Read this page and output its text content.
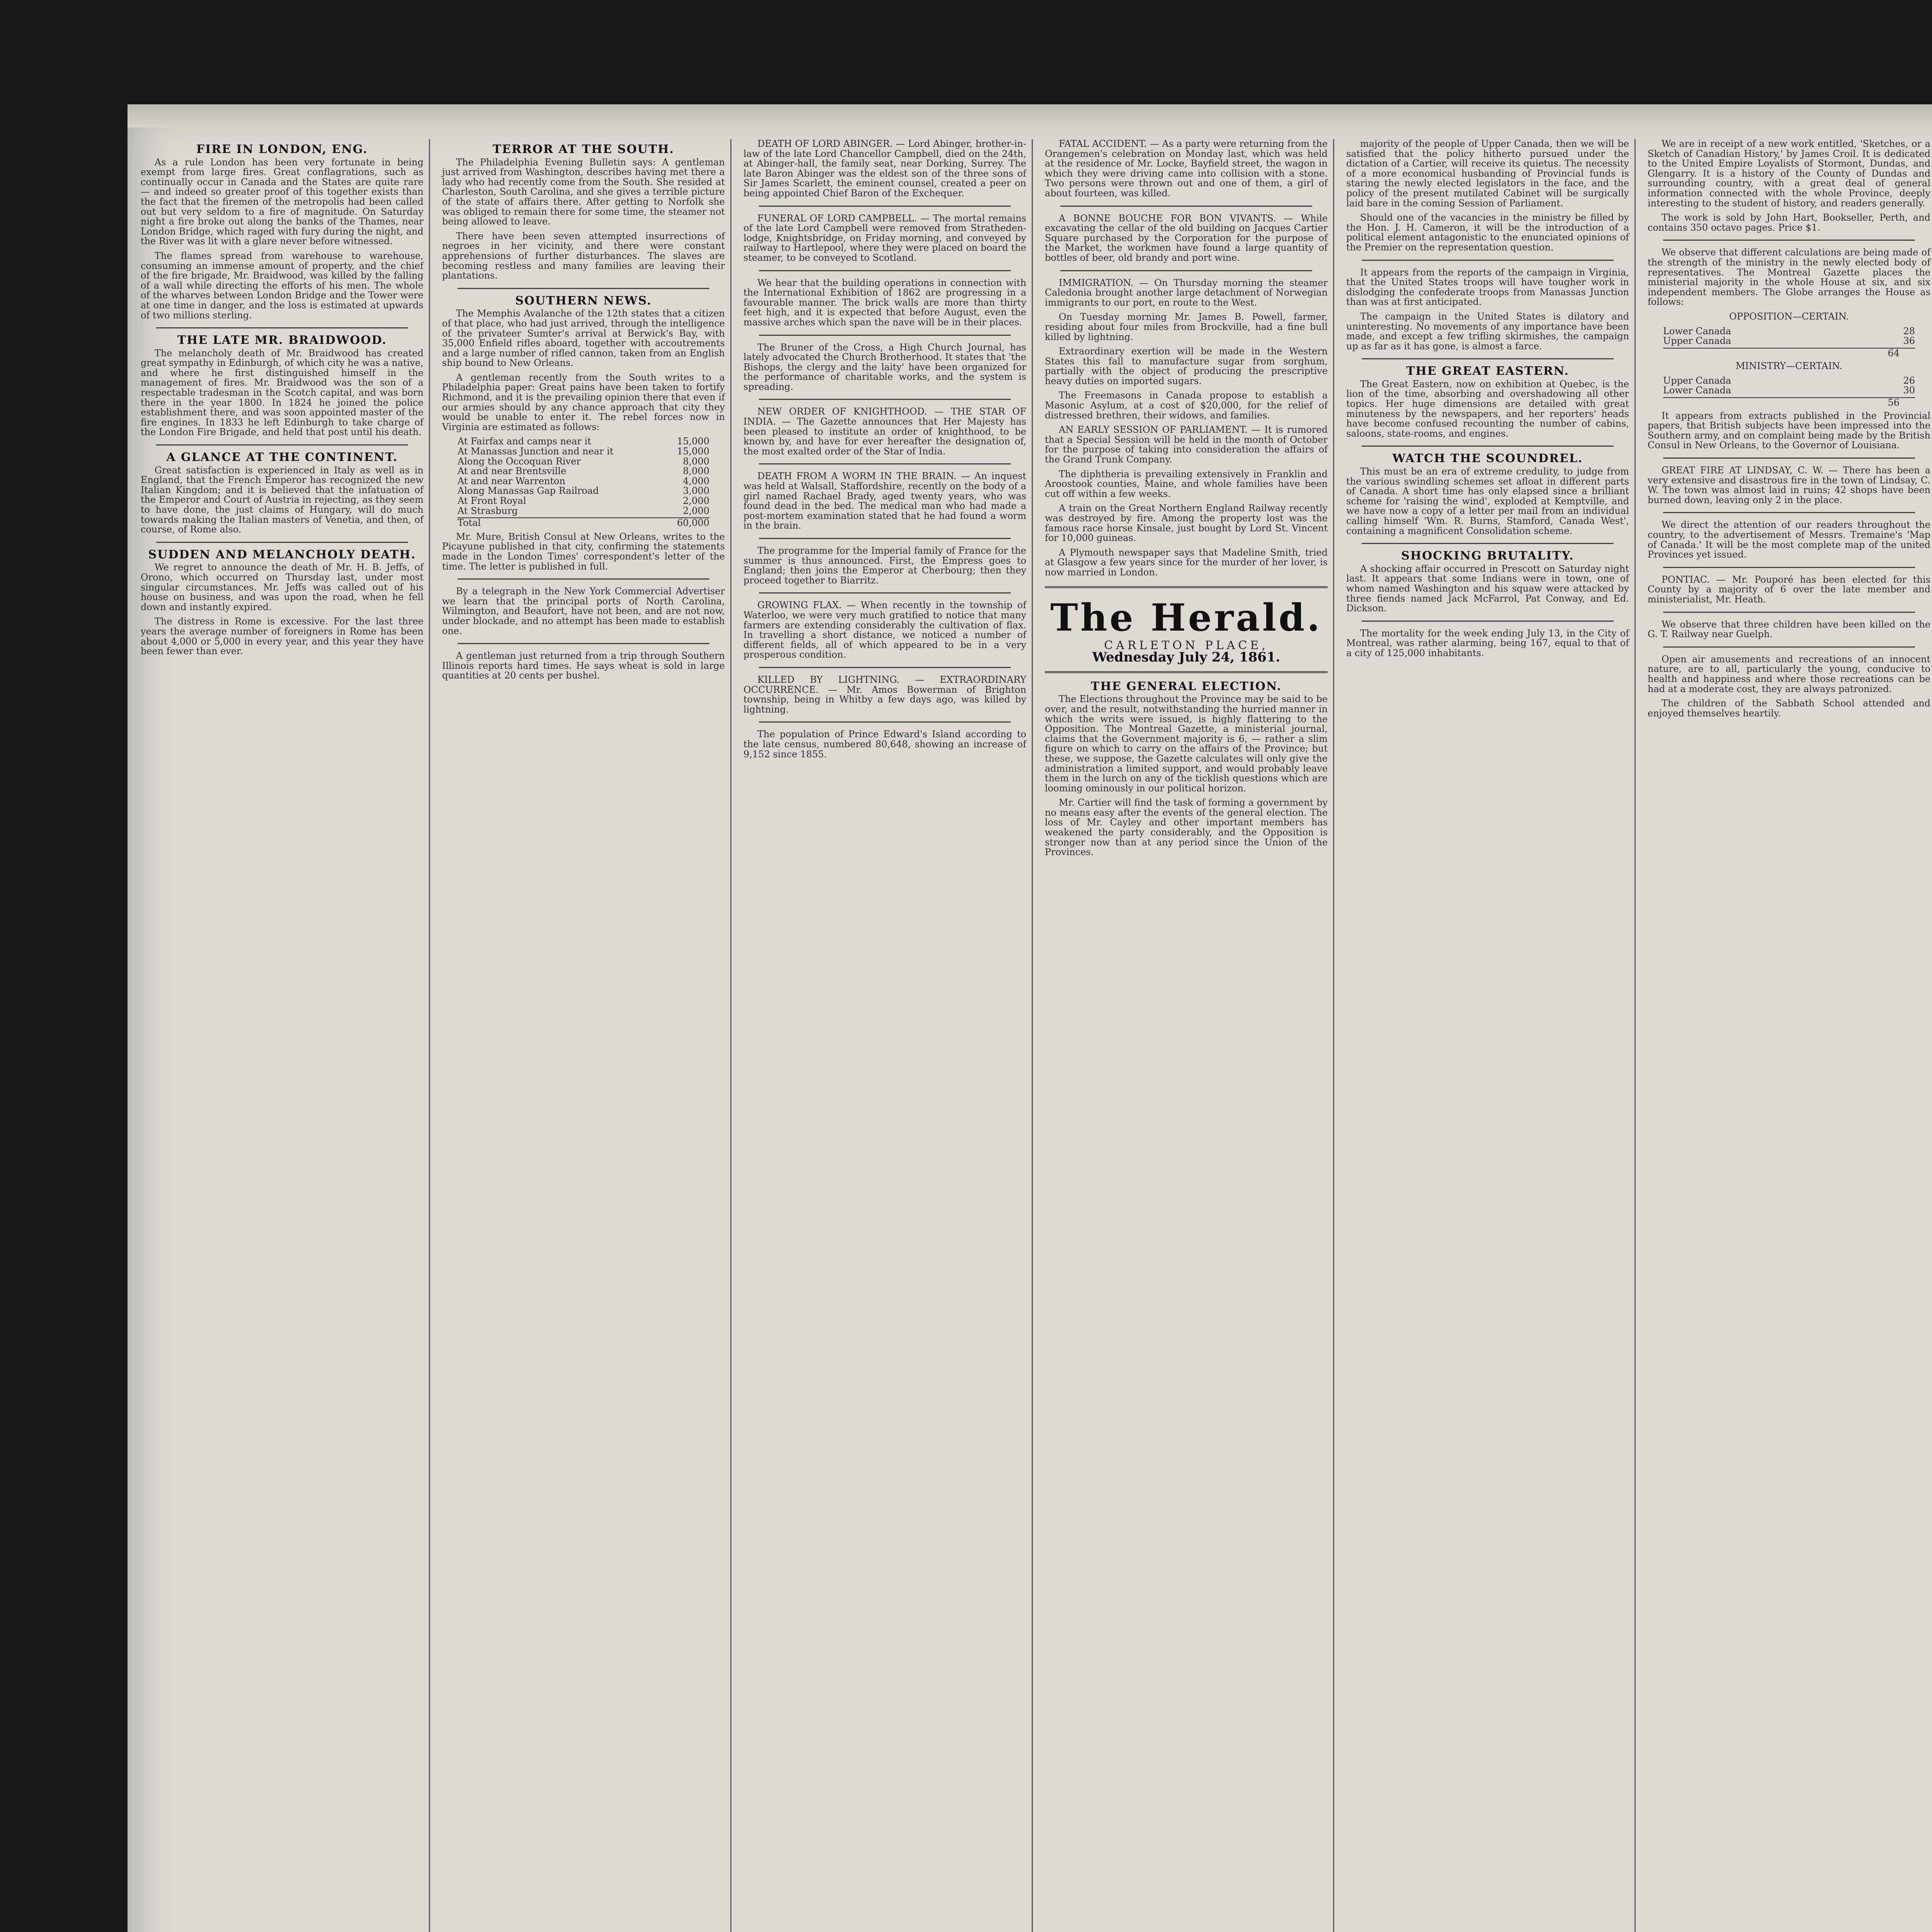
FIRE IN LONDON, ENG.

As a rule London has been very fortunate in being exempt from large fires. Great conflagrations, such as continually occur in Canada and the States are quite rare — and indeed so greater proof of this together exists than the fact that the firemen of the metropolis had been called out but very seldom to a fire of magnitude. On Saturday night a fire broke out along the banks of the Thames, near London Bridge, which raged with fury during the night, and the River was lit with a glare never before witnessed.

The flames spread from warehouse to warehouse, consuming an immense amount of property, and the chief of the fire brigade, Mr. Braidwood, was killed by the falling of a wall while directing the efforts of his men. The whole of the wharves between London Bridge and the Tower were at one time in danger, and the loss is estimated at upwards of two millions sterling.

THE LATE MR. BRAIDWOOD.

The melancholy death of Mr. Braidwood has created great sympathy in Edinburgh, of which city he was a native, and where he first distinguished himself in the management of fires. Mr. Braidwood was the son of a respectable tradesman in the Scotch capital, and was born there in the year 1800. In 1824 he joined the police establishment there, and was soon appointed master of the fire engines. In 1833 he left Edinburgh to take charge of the London Fire Brigade, and held that post until his death.

A GLANCE AT THE CONTINENT.

Great satisfaction is experienced in Italy as well as in England, that the French Emperor has recognized the new Italian Kingdom; and it is believed that the infatuation of the Emperor and Court of Austria in rejecting, as they seem to have done, the just claims of Hungary, will do much towards making the Italian masters of Venetia, and then, of course, of Rome also.

SUDDEN AND MELANCHOLY DEATH.

We regret to announce the death of Mr. H. B. Jeffs, of Orono, which occurred on Thursday last, under most singular circumstances. Mr. Jeffs was called out of his house on business, and was upon the road, when he fell down and instantly expired.

The distress in Rome is excessive. For the last three years the average number of foreigners in Rome has been about 4,000 or 5,000 in every year, and this year they have been fewer than ever.

TERROR AT THE SOUTH.

The Philadelphia Evening Bulletin says: A gentleman just arrived from Washington, describes having met there a lady who had recently come from the South. She resided at Charleston, South Carolina, and she gives a terrible picture of the state of affairs there. After getting to Norfolk she was obliged to remain there for some time, the steamer not being allowed to leave.

There have been seven attempted insurrections of negroes in her vicinity, and there were constant apprehensions of further disturbances. The slaves are becoming restless and many families are leaving their plantations.

SOUTHERN NEWS.

The Memphis Avalanche of the 12th states that a citizen of that place, who had just arrived, through the intelligence of the privateer Sumter's arrival at Berwick's Bay, with 35,000 Enfield rifles aboard, together with accoutrements and a large number of rifled cannon, taken from an English ship bound to New Orleans.

A gentleman recently from the South writes to a Philadelphia paper: Great pains have been taken to fortify Richmond, and it is the prevailing opinion there that even if our armies should by any chance approach that city they would be unable to enter it. The rebel forces now in Virginia are estimated as follows:

At Fairfax and camps near it	15,000
At Manassas Junction and near it	15,000
Along the Occoquan River	8,000
At and near Brentsville	8,000
At and near Warrenton	4,000
Along Manassas Gap Railroad	3,000
At Front Royal	2,000
At Strasburg	2,000
Total	60,000

Mr. Mure, British Consul at New Orleans, writes to the Picayune published in that city, confirming the statements made in the London Times' correspondent's letter of the time. The letter is published in full.

By a telegraph in the New York Commercial Advertiser we learn that the principal ports of North Carolina, Wilmington, and Beaufort, have not been, and are not now, under blockade, and no attempt has been made to establish one.

A gentleman just returned from a trip through Southern Illinois reports hard times. He says wheat is sold in large quantities at 20 cents per bushel.

DEATH OF LORD ABINGER. — Lord Abinger, brother-in-law of the late Lord Chancellor Campbell, died on the 24th, at Abinger-hall, the family seat, near Dorking, Surrey. The late Baron Abinger was the eldest son of the three sons of Sir James Scarlett, the eminent counsel, created a peer on being appointed Chief Baron of the Exchequer.

FUNERAL OF LORD CAMPBELL. — The mortal remains of the late Lord Campbell were removed from Stratheden-lodge, Knightsbridge, on Friday morning, and conveyed by railway to Hartlepool, where they were placed on board the steamer, to be conveyed to Scotland.

We hear that the building operations in connection with the International Exhibition of 1862 are progressing in a favourable manner. The brick walls are more than thirty feet high, and it is expected that before August, even the massive arches which span the nave will be in their places.

The Bruner of the Cross, a High Church Journal, has lately advocated the Church Brotherhood. It states that 'the Bishops, the clergy and the laity' have been organized for the performance of charitable works, and the system is spreading.

NEW ORDER OF KNIGHTHOOD. — THE STAR OF INDIA. — The Gazette announces that Her Majesty has been pleased to institute an order of knighthood, to be known by, and have for ever hereafter the designation of, the most exalted order of the Star of India.

DEATH FROM A WORM IN THE BRAIN. — An inquest was held at Walsall, Staffordshire, recently on the body of a girl named Rachael Brady, aged twenty years, who was found dead in the bed. The medical man who had made a post-mortem examination stated that he had found a worm in the brain.

The programme for the Imperial family of France for the summer is thus announced. First, the Empress goes to England; then joins the Emperor at Cherbourg; then they proceed together to Biarritz.

GROWING FLAX. — When recently in the township of Waterloo, we were very much gratified to notice that many farmers are extending considerably the cultivation of flax. In travelling a short distance, we noticed a number of different fields, all of which appeared to be in a very prosperous condition.

KILLED BY LIGHTNING. — EXTRAORDINARY OCCURRENCE. — Mr. Amos Bowerman of Brighton township, being in Whitby a few days ago, was killed by lightning.

The population of Prince Edward's Island according to the late census, numbered 80,648, showing an increase of 9,152 since 1855.

FATAL ACCIDENT. — As a party were returning from the Orangemen's celebration on Monday last, which was held at the residence of Mr. Locke, Bayfield street, the wagon in which they were driving came into collision with a stone. Two persons were thrown out and one of them, a girl of about fourteen, was killed.

A BONNE BOUCHE FOR BON VIVANTS. — While excavating the cellar of the old building on Jacques Cartier Square purchased by the Corporation for the purpose of the Market, the workmen have found a large quantity of bottles of beer, old brandy and port wine.

IMMIGRATION. — On Thursday morning the steamer Caledonia brought another large detachment of Norwegian immigrants to our port, en route to the West.

On Tuesday morning Mr. James B. Powell, farmer, residing about four miles from Brockville, had a fine bull killed by lightning.

Extraordinary exertion will be made in the Western States this fall to manufacture sugar from sorghum, partially with the object of producing the prescriptive heavy duties on imported sugars.

The Freemasons in Canada propose to establish a Masonic Asylum, at a cost of $20,000, for the relief of distressed brethren, their widows, and families.

AN EARLY SESSION OF PARLIAMENT. — It is rumored that a Special Session will be held in the month of October for the purpose of taking into consideration the affairs of the Grand Trunk Company.

The diphtheria is prevailing extensively in Franklin and Aroostook counties, Maine, and whole families have been cut off within a few weeks.

A train on the Great Northern England Railway recently was destroyed by fire. Among the property lost was the famous race horse Kinsale, just bought by Lord St. Vincent for 10,000 guineas.

A Plymouth newspaper says that Madeline Smith, tried at Glasgow a few years since for the murder of her lover, is now married in London.

The Herald.
CARLETON PLACE,
Wednesday July 24, 1861.
THE GENERAL ELECTION.

The Elections throughout the Province may be said to be over, and the result, notwithstanding the hurried manner in which the writs were issued, is highly flattering to the Opposition. The Montreal Gazette, a ministerial journal, claims that the Government majority is 6, — rather a slim figure on which to carry on the affairs of the Province; but these, we suppose, the Gazette calculates will only give the administration a limited support, and would probably leave them in the lurch on any of the ticklish questions which are looming ominously in our political horizon.

Mr. Cartier will find the task of forming a government by no means easy after the events of the general election. The loss of Mr. Cayley and other important members has weakened the party considerably, and the Opposition is stronger now than at any period since the Union of the Provinces.

majority of the people of Upper Canada, then we will be satisfied that the policy hitherto pursued under the dictation of a Cartier, will receive its quietus. The necessity of a more economical husbanding of Provincial funds is staring the newly elected legislators in the face, and the policy of the present mutilated Cabinet will be surgically laid bare in the coming Session of Parliament.

Should one of the vacancies in the ministry be filled by the Hon. J. H. Cameron, it will be the introduction of a political element antagonistic to the enunciated opinions of the Premier on the representation question.

It appears from the reports of the campaign in Virginia, that the United States troops will have tougher work in dislodging the confederate troops from Manassas Junction than was at first anticipated.

The campaign in the United States is dilatory and uninteresting. No movements of any importance have been made, and except a few trifling skirmishes, the campaign up as far as it has gone, is almost a farce.

THE GREAT EASTERN.

The Great Eastern, now on exhibition at Quebec, is the lion of the time, absorbing and overshadowing all other topics. Her huge dimensions are detailed with great minuteness by the newspapers, and her reporters' heads have become confused recounting the number of cabins, saloons, state-rooms, and engines.

WATCH THE SCOUNDREL.

This must be an era of extreme credulity, to judge from the various swindling schemes set afloat in different parts of Canada. A short time has only elapsed since a brilliant scheme for 'raising the wind', exploded at Kemptville, and we have now a copy of a letter per mail from an individual calling himself 'Wm. R. Burns, Stamford, Canada West', containing a magnificent Consolidation scheme.

SHOCKING BRUTALITY.

A shocking affair occurred in Prescott on Saturday night last. It appears that some Indians were in town, one of whom named Washington and his squaw were attacked by three fiends named Jack McFarrol, Pat Conway, and Ed. Dickson.

The mortality for the week ending July 13, in the City of Montreal, was rather alarming, being 167, equal to that of a city of 125,000 inhabitants.

We are in receipt of a new work entitled, 'Sketches, or a Sketch of Canadian History,' by James Croil. It is dedicated to the United Empire Loyalists of Stormont, Dundas, and Glengarry. It is a history of the County of Dundas and surrounding country, with a great deal of general information connected with the whole Province, deeply interesting to the student of history, and readers generally.

The work is sold by John Hart, Bookseller, Perth, and contains 350 octavo pages. Price $1.

We observe that different calculations are being made of the strength of the ministry in the newly elected body of representatives. The Montreal Gazette places the ministerial majority in the whole House at six, and six independent members. The Globe arranges the House as follows:

OPPOSITION—CERTAIN.

Lower Canada	28
Upper Canada	36
64

MINISTRY—CERTAIN.

Upper Canada	26
Lower Canada	30
56

It appears from extracts published in the Provincial papers, that British subjects have been impressed into the Southern army, and on complaint being made by the British Consul in New Orleans, to the Governor of Louisiana.

GREAT FIRE AT LINDSAY, C. W. — There has been a very extensive and disastrous fire in the town of Lindsay, C. W. The town was almost laid in ruins; 42 shops have been burned down, leaving only 2 in the place.

We direct the attention of our readers throughout the country, to the advertisement of Messrs. Tremaine's 'Map of Canada.' It will be the most complete map of the united Provinces yet issued.

PONTIAC. — Mr. Pouporé has been elected for this County by a majority of 6 over the late member and ministerialist, Mr. Heath.

We observe that three children have been killed on the G. T. Railway near Guelph.

Open air amusements and recreations of an innocent nature, are to all, particularly the young, conducive to health and happiness and where those recreations can be had at a moderate cost, they are always patronized.

The children of the Sabbath School attended and enjoyed themselves heartily.
